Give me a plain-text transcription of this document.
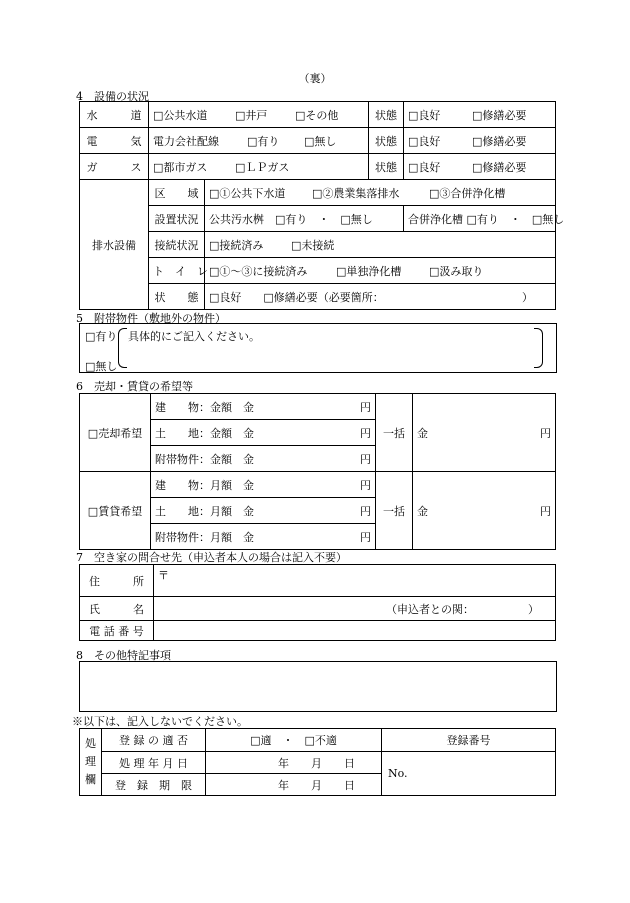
（裏）
4　設備の状況
水　　　道	□公共水道 □井戸 □その他		状態	□良好 □修繕必要
電　　　気	電力会社配線 □有り □無し		状態	□良好 □修繕必要
ガ　　　ス	□都市ガス □ＬＰガス		状態	□良好 □修繕必要
排水設備	区　　域	□①公共下水道 □②農業集落排水 □③合併浄化槽		
	設置状況	公共汚水桝　□有り　・　□無し		合併浄化槽 □有り　・　□無し
	接続状況	□接続済み □未接続		
	ト　イ　レ	□①～③に接続済み □単独浄化槽 □汲み取り		
	状　　態	□良好　　□修繕必要（必要箇所： ）		
5　附帯物件（敷地外の物件）
□有り
□無し
具体的にご記入ください。
6　売却・賃貸の希望等
□売却希望	建　　物：金額　金 円	一括	金 円

	土　　地：金額　金 円		

	附帯物件：金額　金 円		

□賃貸希望	建　　物：月額　金 円	一括	金 円

	土　　地：月額　金 円		

	附帯物件：月額　金 円		
7　空き家の問合せ先（申込者本人の場合は記入不要）
住　　　所	〒
氏　　　名	（申込者との関： ）

電 話 番 号	
8　その他特記事項
※以下は、記入しないでください。
処
理
欄	登 録 の 適 否	□適　・　□不適	登録番号
	処 理 年 月 日	年　　月　　日	No.
	登　録　期　限	年　　月　　日	
